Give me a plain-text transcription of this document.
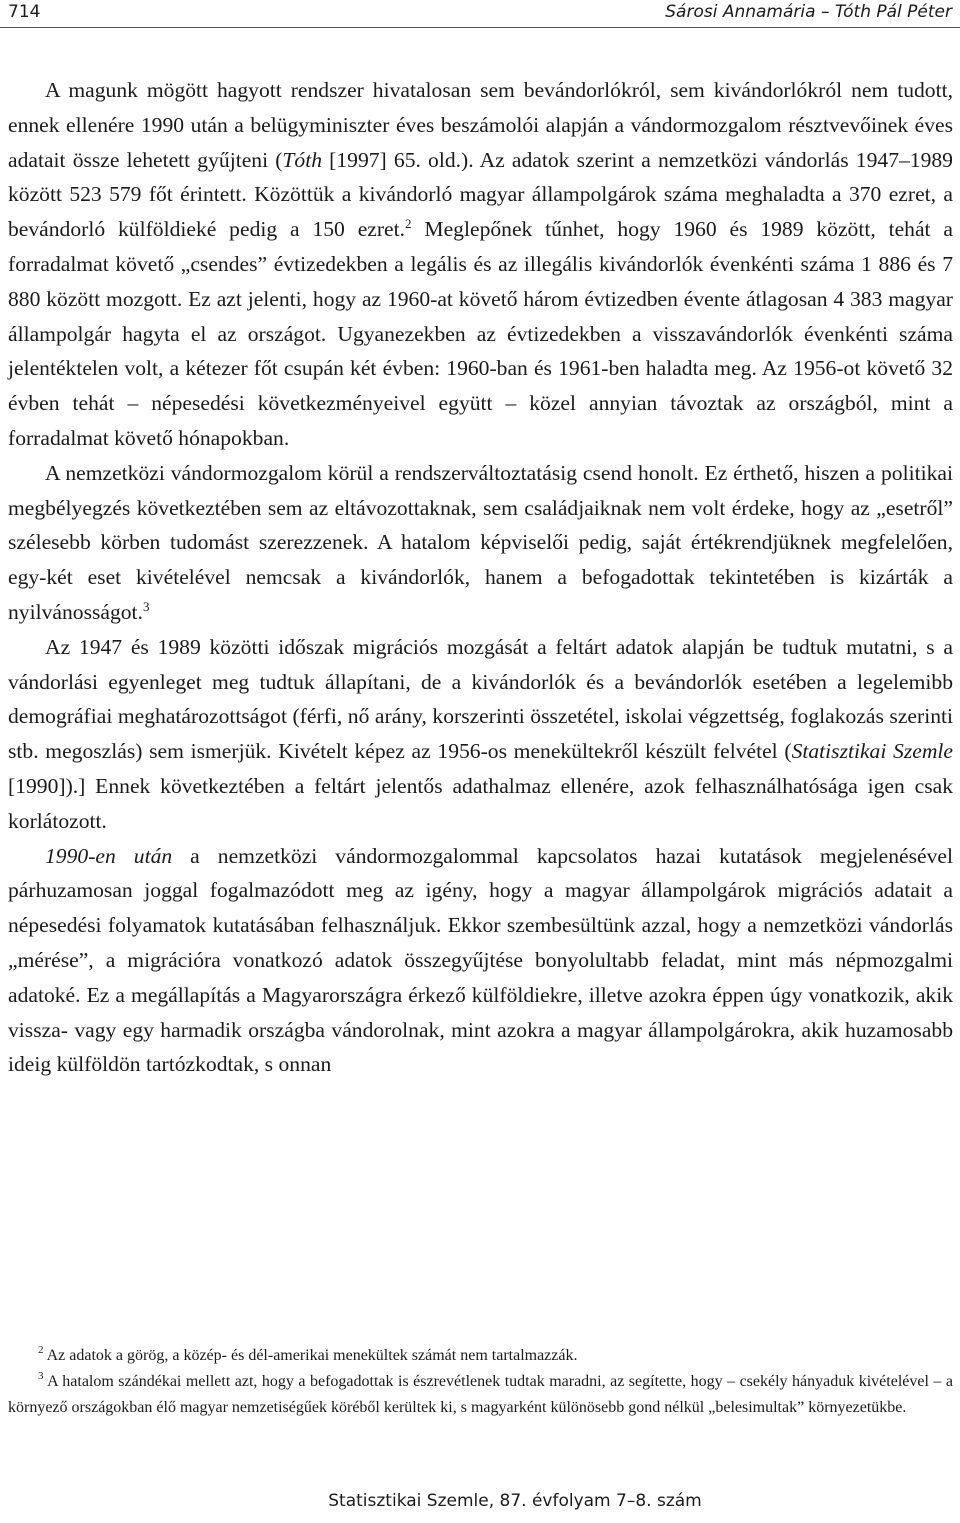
714	Sárosi Annamária – Tóth Pál Péter

A magunk mögött hagyott rendszer hivatalosan sem bevándorlókról, sem kivándorlókról nem tudott, ennek ellenére 1990 után a belügyminiszter éves beszámolói alapján a vándormozgalom résztvevőinek éves adatait össze lehetett gyűjteni (Tóth [1997] 65. old.). Az adatok szerint a nemzetközi vándorlás 1947–1989 között 523 579 főt érintett. Közöttük a kivándorló magyar állampolgárok száma meghaladta a 370 ezret, a bevándorló külföldieké pedig a 150 ezret.$^2$ Meglepőnek tűnhet, hogy 1960 és 1989 között, tehát a forradalmat követő „csendes” évtizedekben a legális és az illegális kivándorlók évenkénti száma 1 886 és 7 880 között mozgott. Ez azt jelenti, hogy az 1960-at követő három évtizedben évente átlagosan 4 383 magyar állampolgár hagyta el az országot. Ugyanezekben az évtizedekben a visszavándorlók évenkénti száma jelentéktelen volt, a kétezer főt csupán két évben: 1960-ban és 1961-ben haladta meg. Az 1956-ot követő 32 évben tehát – népesedési következményeivel együtt – közel annyian távoztak az országból, mint a forradalmat követő hónapokban.

A nemzetközi vándormozgalom körül a rendszerváltoztatásig csend honolt. Ez érthető, hiszen a politikai megbélyegzés következtében sem az eltávozottaknak, sem családjaiknak nem volt érdeke, hogy az „esetről” szélesebb körben tudomást szerezzenek. A hatalom képviselői pedig, saját értékrendjüknek megfelelően, egy-két eset kivételével nemcsak a kivándorlók, hanem a befogadottak tekintetében is kizárták a nyilvánosságot.$^3$

Az 1947 és 1989 közötti időszak migrációs mozgását a feltárt adatok alapján be tudtuk mutatni, s a vándorlási egyenleget meg tudtuk állapítani, de a kivándorlók és a bevándorlók esetében a legelemibb demográfiai meghatározottságot (férfi, nő arány, korszerinti összetétel, iskolai végzettség, foglakozás szerinti stb. megoszlás) sem ismerjük. Kivételt képez az 1956-os menekültekről készült felvétel (Statisztikai Szemle [1990]).] Ennek következtében a feltárt jelentős adathalmaz ellenére, azok felhasználhatósága igen csak korlátozott.

1990-en után a nemzetközi vándormozgalommal kapcsolatos hazai kutatások megjelenésével párhuzamosan joggal fogalmazódott meg az igény, hogy a magyar állampolgárok migrációs adatait a népesedési folyamatok kutatásában felhasználjuk. Ekkor szembesültünk azzal, hogy a nemzetközi vándorlás „mérése”, a migrációra vonatkozó adatok összegyűjtése bonyolultabb feladat, mint más népmozgalmi adatoké. Ez a megállapítás a Magyarországra érkező külföldiekre, illetve azokra éppen úgy vonatkozik, akik vissza- vagy egy harmadik országba vándorolnak, mint azokra a magyar állampolgárokra, akik huzamosabb ideig külföldön tartózkodtak, s onnan

$^2$ Az adatok a görög, a közép- és dél-amerikai menekültek számát nem tartalmazzák.

$^3$ A hatalom szándékai mellett azt, hogy a befogadottak is észrevétlenek tudtak maradni, az segítette, hogy – csekély hányaduk kivételével – a környező országokban élő magyar nemzetiségűek köréből kerültek ki, s magyarként különösebb gond nélkül „belesimultak” környezetükbe.

Statisztikai Szemle, 87. évfolyam 7–8. szám
